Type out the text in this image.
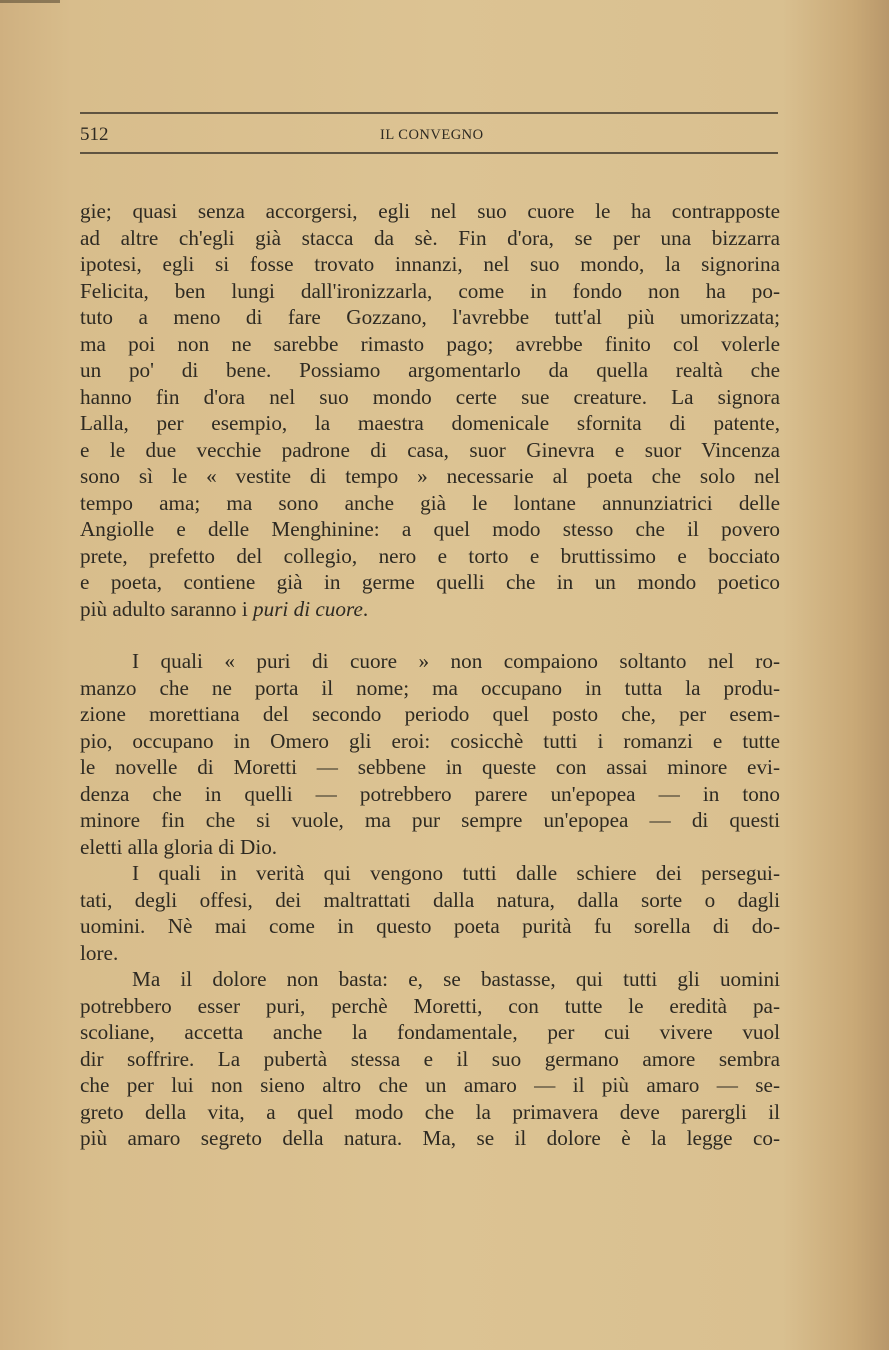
512	IL CONVEGNO
gie; quasi senza accorgersi, egli nel suo cuore le ha contrapposte
ad altre ch'egli già stacca da sè. Fin d'ora, se per una bizzarra
ipotesi, egli si fosse trovato innanzi, nel suo mondo, la signorina
Felicita, ben lungi dall'ironizzarla, come in fondo non ha po-
tuto a meno di fare Gozzano, l'avrebbe tutt'al più umorizzata;
ma poi non ne sarebbe rimasto pago; avrebbe finito col volerle
un po' di bene. Possiamo argomentarlo da quella realtà che
hanno fin d'ora nel suo mondo certe sue creature. La signora
Lalla, per esempio, la maestra domenicale sfornita di patente,
e le due vecchie padrone di casa, suor Ginevra e suor Vincenza
sono sì le « vestite di tempo » necessarie al poeta che solo nel
tempo ama; ma sono anche già le lontane annunziatrici delle
Angiolle e delle Menghinine: a quel modo stesso che il povero
prete, prefetto del collegio, nero e torto e bruttissimo e bocciato
e poeta, contiene già in germe quelli che in un mondo poetico
più adulto saranno i puri di cuore.
I quali « puri di cuore » non compaiono soltanto nel ro-
manzo che ne porta il nome; ma occupano in tutta la produ-
zione morettiana del secondo periodo quel posto che, per esem-
pio, occupano in Omero gli eroi: cosicchè tutti i romanzi e tutte
le novelle di Moretti — sebbene in queste con assai minore evi-
denza che in quelli — potrebbero parere un'epopea — in tono
minore fin che si vuole, ma pur sempre un'epopea — di questi
eletti alla gloria di Dio.
I quali in verità qui vengono tutti dalle schiere dei persegui-
tati, degli offesi, dei maltrattati dalla natura, dalla sorte o dagli
uomini. Nè mai come in questo poeta purità fu sorella di do-
lore.
Ma il dolore non basta: e, se bastasse, qui tutti gli uomini
potrebbero esser puri, perchè Moretti, con tutte le eredità pa-
scoliane, accetta anche la fondamentale, per cui vivere vuol
dir soffrire. La pubertà stessa e il suo germano amore sembra
che per lui non sieno altro che un amaro — il più amaro — se-
greto della vita, a quel modo che la primavera deve parergli il
più amaro segreto della natura. Ma, se il dolore è la legge co-
